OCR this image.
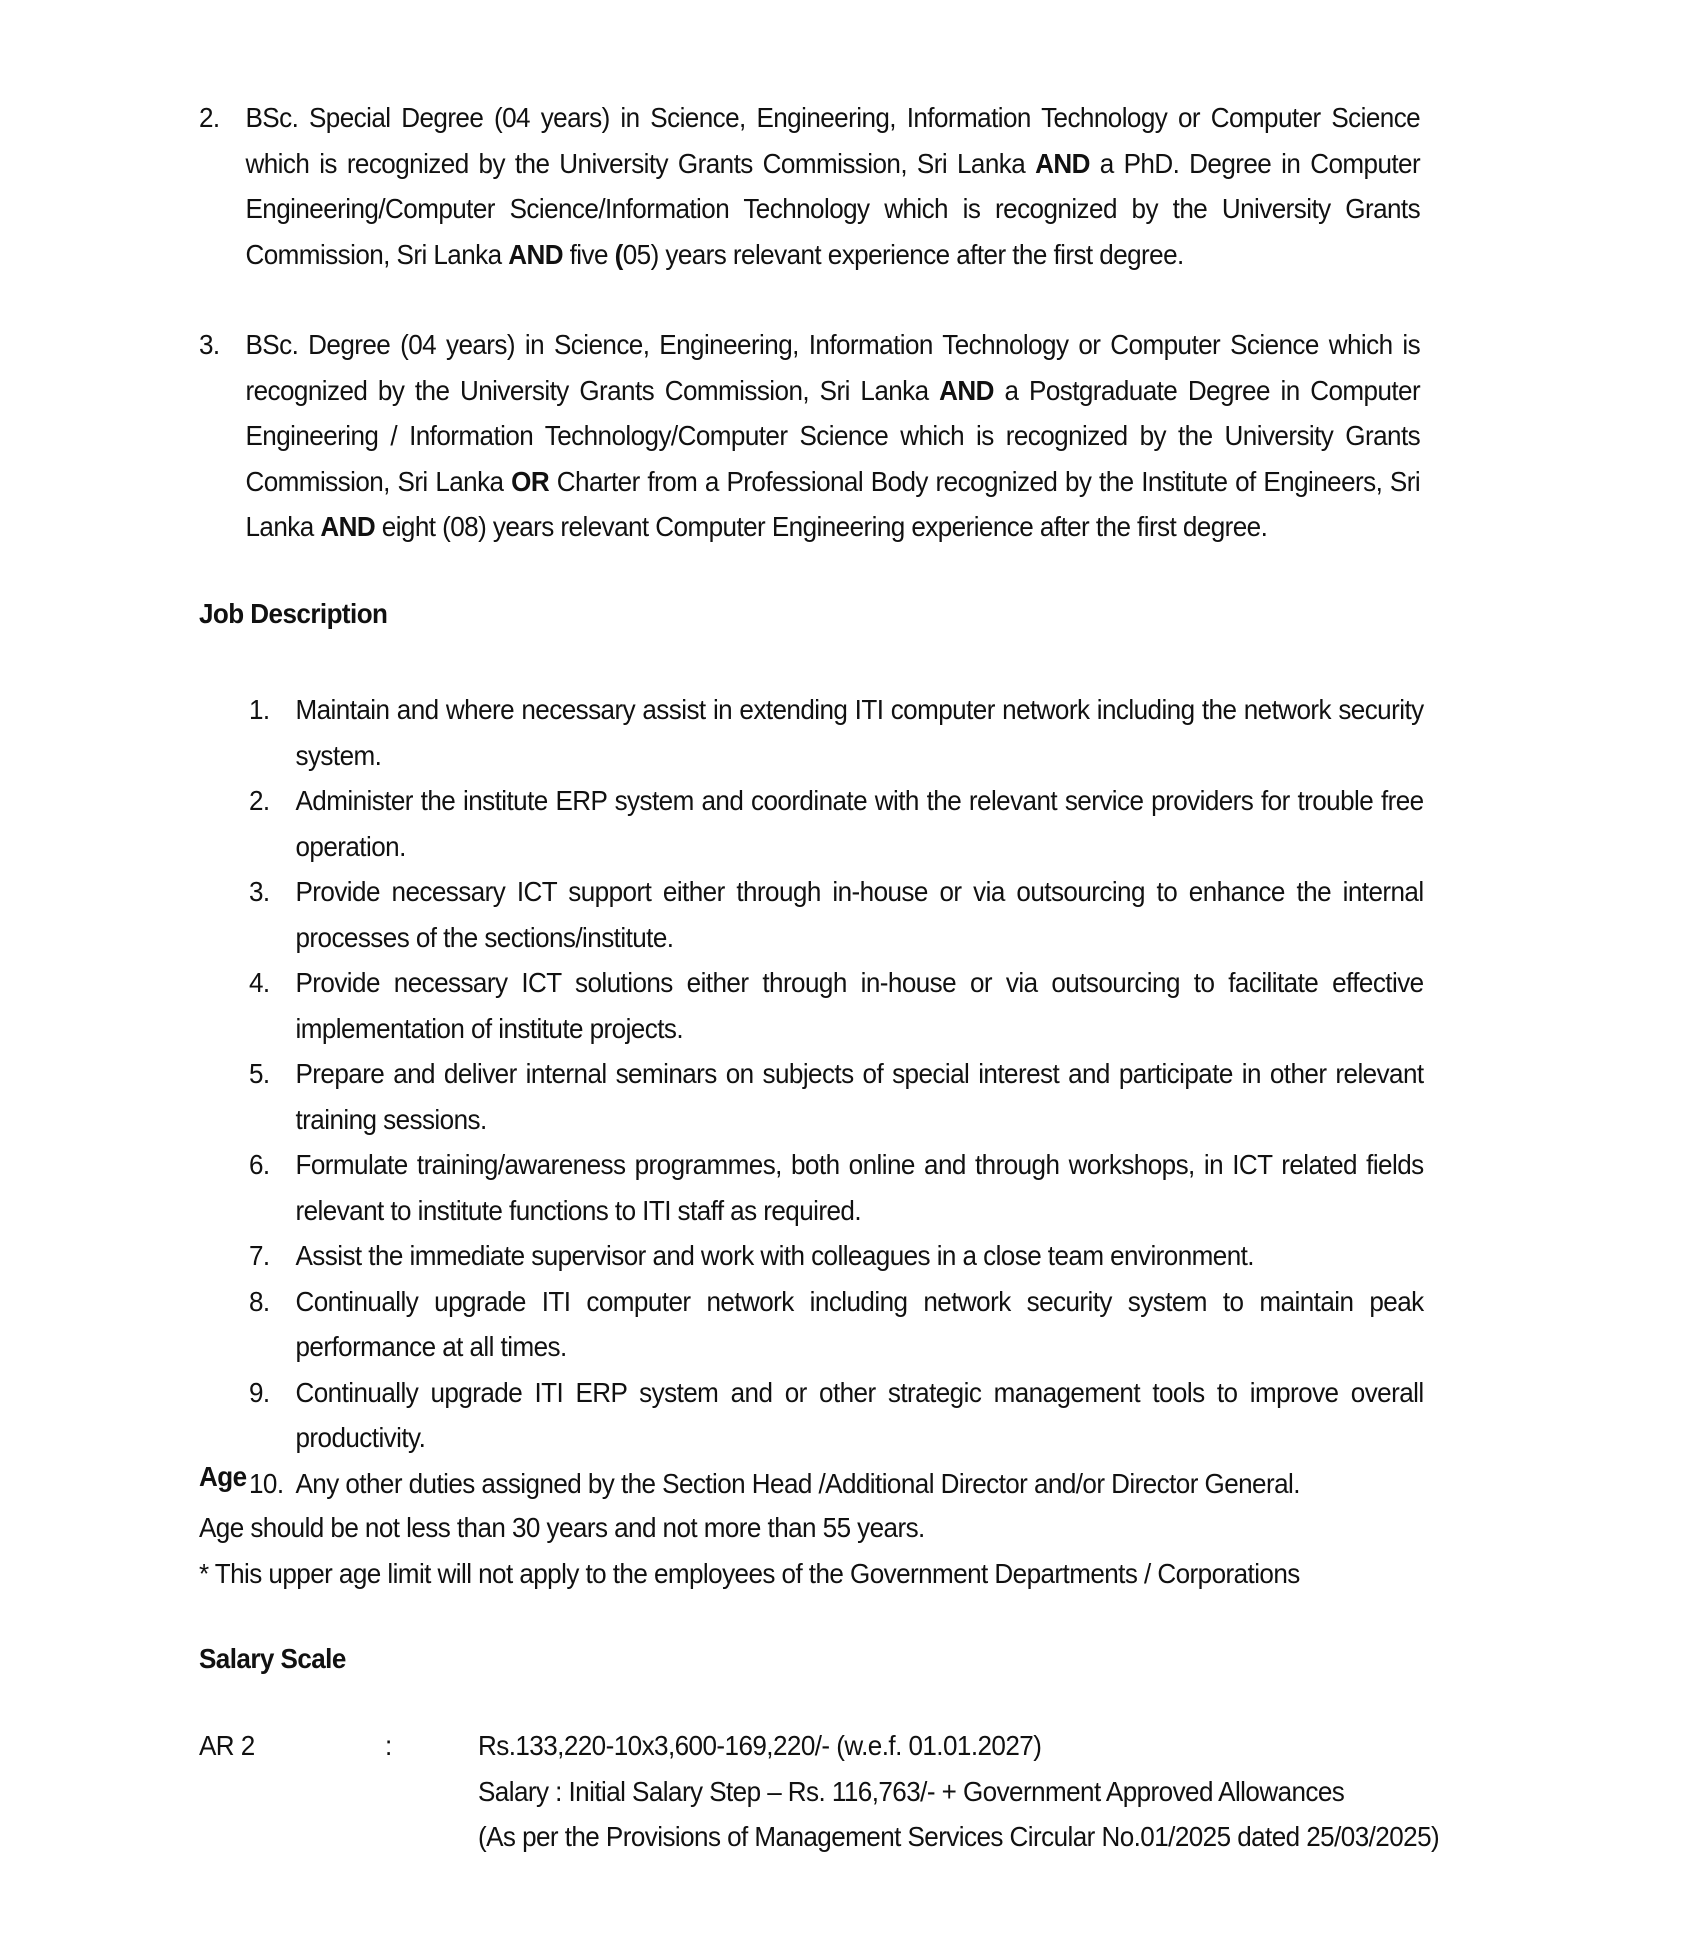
2. BSc. Special Degree (04 years) in Science, Engineering, Information Technology or Computer Science which is recognized by the University Grants Commission, Sri Lanka AND a PhD. Degree in Computer Engineering/Computer Science/Information Technology which is recognized by the University Grants Commission, Sri Lanka AND five (05) years relevant experience after the first degree.
3. BSc. Degree (04 years) in Science, Engineering, Information Technology or Computer Science which is recognized by the University Grants Commission, Sri Lanka AND a Postgraduate Degree in Computer Engineering / Information Technology/Computer Science which is recognized by the University Grants Commission, Sri Lanka OR Charter from a Professional Body recognized by the Institute of Engineers, Sri Lanka AND eight (08) years relevant Computer Engineering experience after the first degree.
Job Description
1. Maintain and where necessary assist in extending ITI computer network including the network security system.
2. Administer the institute ERP system and coordinate with the relevant service providers for trouble free operation.
3. Provide necessary ICT support either through in-house or via outsourcing to enhance the internal processes of the sections/institute.
4. Provide necessary ICT solutions either through in-house or via outsourcing to facilitate effective implementation of institute projects.
5. Prepare and deliver internal seminars on subjects of special interest and participate in other relevant training sessions.
6. Formulate training/awareness programmes, both online and through workshops, in ICT related fields relevant to institute functions to ITI staff as required.
7. Assist the immediate supervisor and work with colleagues in a close team environment.
8. Continually upgrade ITI computer network including network security system to maintain peak performance at all times.
9. Continually upgrade ITI ERP system and or other strategic management tools to improve overall productivity.
10. Any other duties assigned by the Section Head /Additional Director and/or Director General.
Age
Age should be not less than 30 years and not more than 55 years.
* This upper age limit will not apply to the employees of the Government Departments / Corporations
Salary Scale
AR 2	:	Rs.133,220-10x3,600-169,220/- (w.e.f. 01.01.2027)
Salary : Initial Salary Step – Rs. 116,763/- + Government Approved Allowances
(As per the Provisions of Management Services Circular No.01/2025 dated 25/03/2025)
